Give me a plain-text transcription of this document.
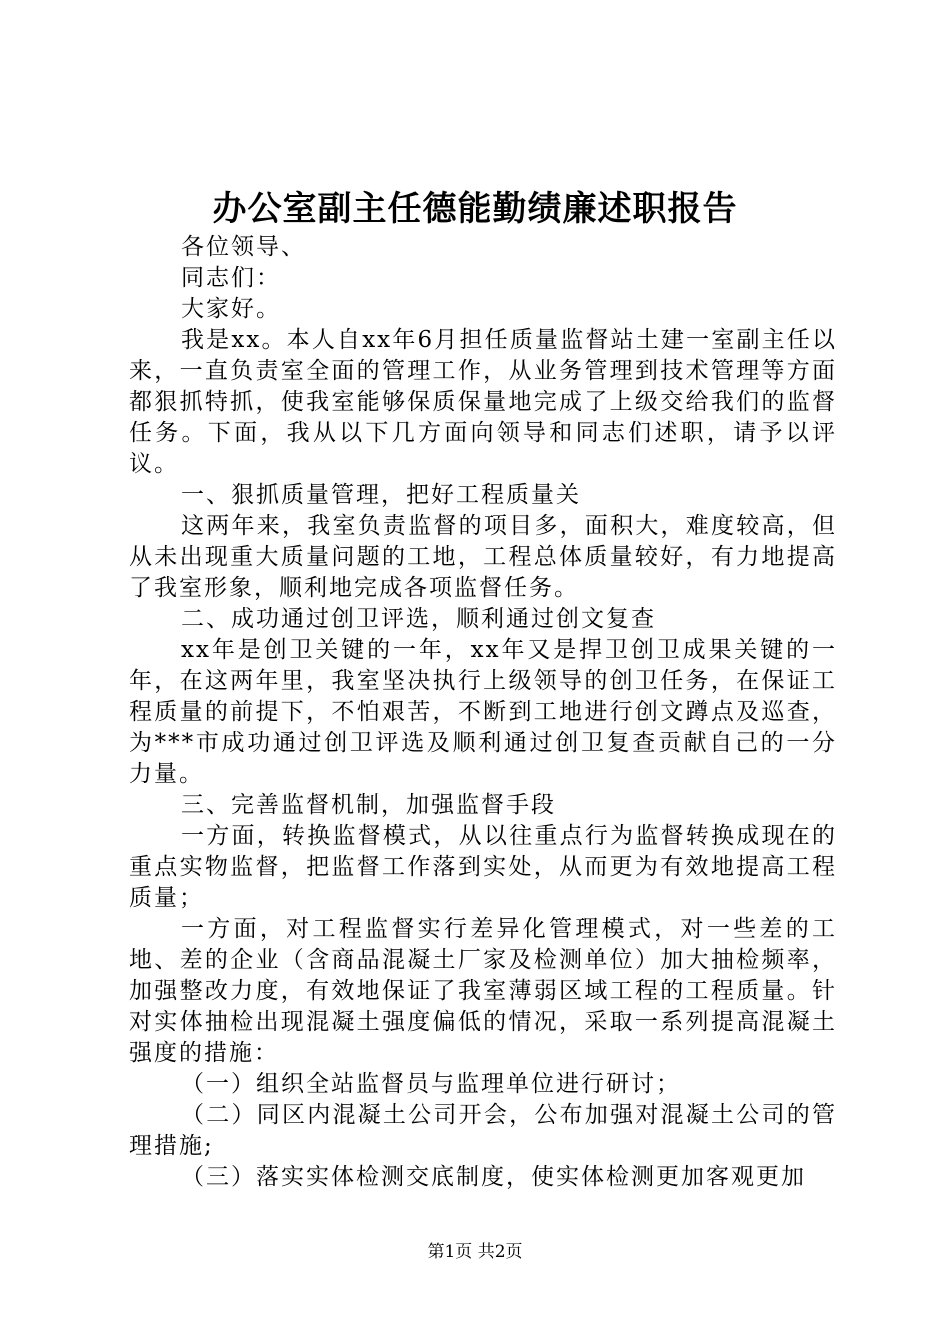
办公室副主任德能勤绩廉述职报告

各位领导、

同志们：

大家好。

我是xx。本人自xx年6月担任质量监督站土建一室副主任以来，一直负责室全面的管理工作，从业务管理到技术管理等方面都狠抓特抓，使我室能够保质保量地完成了上级交给我们的监督任务。下面，我从以下几方面向领导和同志们述职，请予以评议。

一、狠抓质量管理，把好工程质量关

这两年来，我室负责监督的项目多，面积大，难度较高，但从未出现重大质量问题的工地，工程总体质量较好，有力地提高了我室形象，顺利地完成各项监督任务。

二、成功通过创卫评选，顺利通过创文复查

xx年是创卫关键的一年，xx年又是捍卫创卫成果关键的一年，在这两年里，我室坚决执行上级领导的创卫任务，在保证工程质量的前提下，不怕艰苦，不断到工地进行创文蹲点及巡查，为***市成功通过创卫评选及顺利通过创卫复查贡献自己的一分力量。

三、完善监督机制，加强监督手段

一方面，转换监督模式，从以往重点行为监督转换成现在的重点实物监督，把监督工作落到实处，从而更为有效地提高工程质量；

一方面，对工程监督实行差异化管理模式，对一些差的工地、差的企业（含商品混凝土厂家及检测单位）加大抽检频率，加强整改力度，有效地保证了我室薄弱区域工程的工程质量。针对实体抽检出现混凝土强度偏低的情况，采取一系列提高混凝土强度的措施：

（一）组织全站监督员与监理单位进行研讨；

（二）同区内混凝土公司开会，公布加强对混凝土公司的管理措施;

（三）落实实体检测交底制度，使实体检测更加客观更加

第1页 共2页
